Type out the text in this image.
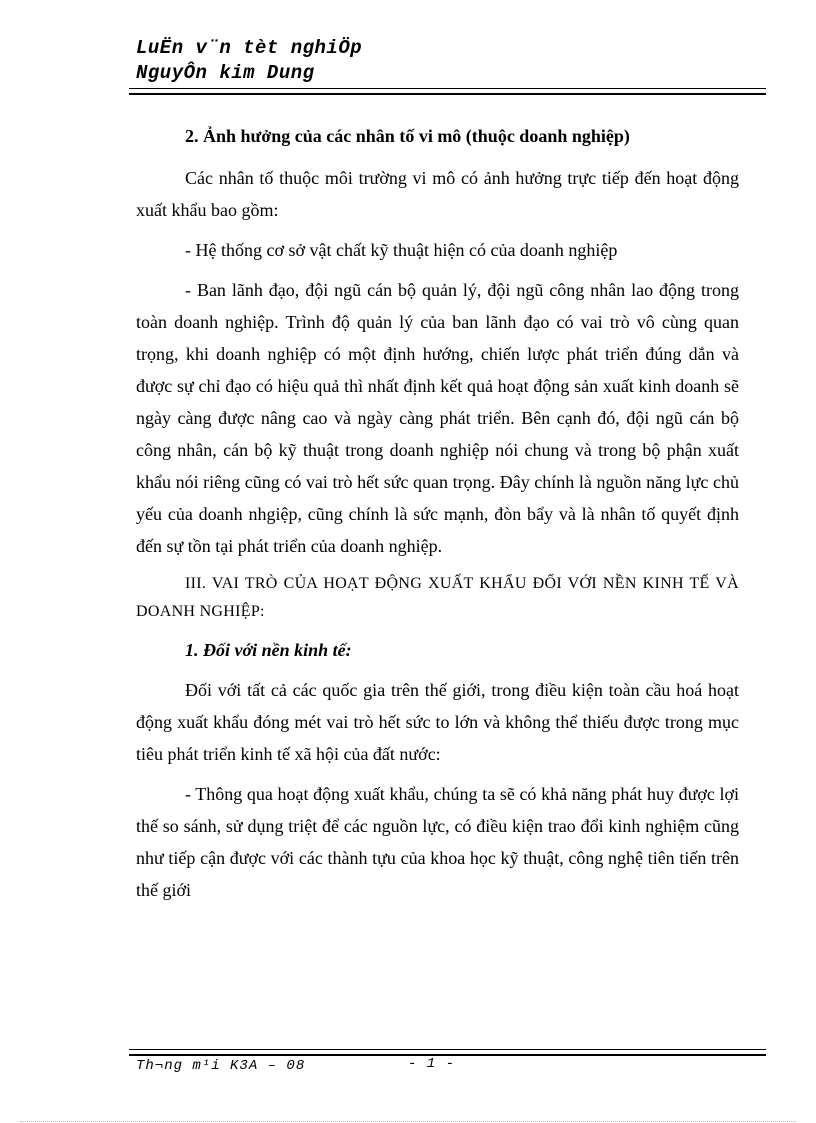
LuËn v¨n tèt nghiÖp
NguyÔn kim Dung

2. Ảnh hưởng của các nhân tố vi mô (thuộc doanh nghiệp)

Các nhân tố thuộc môi trường vi mô có ảnh hưởng trực tiếp đến hoạt động xuất khẩu bao gồm:

- Hệ thống cơ sở vật chất kỹ thuật hiện có của doanh nghiệp

- Ban lãnh đạo, đội ngũ cán bộ quản lý, đội ngũ công nhân lao động trong toàn doanh nghiệp. Trình độ quản lý của ban lãnh đạo có vai trò vô cùng quan trọng, khi doanh nghiệp có một định hướng, chiến lược phát triển đúng dắn và được sự chỉ đạo có hiệu quả thì nhất định kết quả hoạt động sản xuất kinh doanh sẽ ngày càng được nâng cao và ngày càng phát triển. Bên cạnh đó, đội ngũ cán bộ công nhân, cán bộ kỹ thuật trong doanh nghiệp nói chung và trong bộ phận xuất khẩu nói riêng cũng có vai trò hết sức quan trọng. Đây chính là nguồn năng lực chủ yếu của doanh nhgiệp, cũng chính là sức mạnh, đòn bẩy và là nhân tố quyết định đến sự tồn tại phát triển của doanh nghiệp.

III. VAI TRÒ CỦA HOẠT ĐỘNG XUẤT KHẨU ĐỐI VỚI NỀN KINH TẾ VÀ DOANH NGHIỆP:

1. Đối với nền kinh tế:

Đối với tất cả các quốc gia trên thế giới, trong điều kiện toàn cầu hoá hoạt động xuất khẩu đóng mét vai trò hết sức to lớn và không thể thiếu được trong mục tiêu phát triển kinh tế xã hội của đất nước:

- Thông qua hoạt động xuất khẩu, chúng ta sẽ có khả năng phát huy được lợi thế so sánh, sử dụng triệt để các nguồn lực, có điều kiện trao đổi kinh nghiệm cũng như tiếp cận được với các thành tựu của khoa học kỹ thuật, công nghệ tiên tiến trên thế giới

Th¬ng m¹i K3A – 08	- 1 -
